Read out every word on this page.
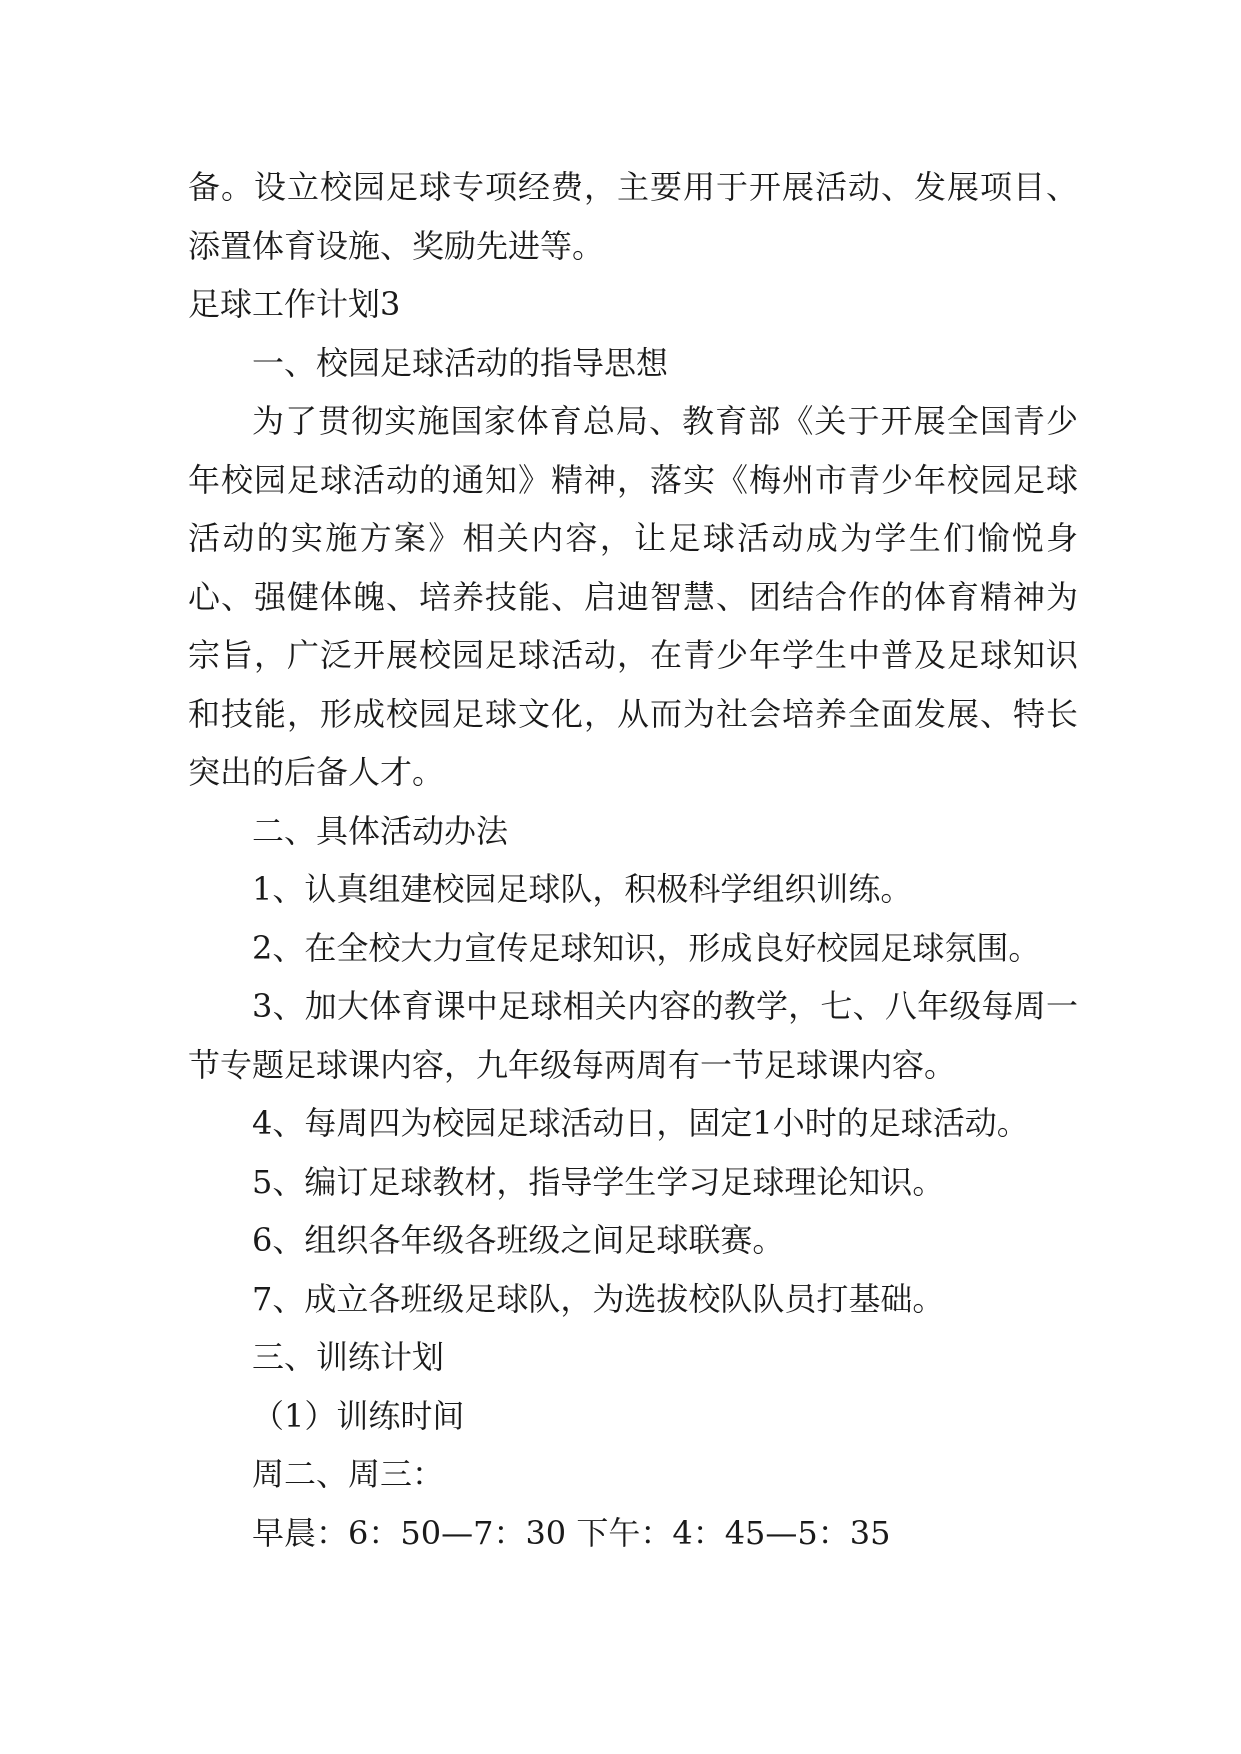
备。设立校园足球专项经费，主要用于开展活动、发展项目、添置体育设施、奖励先进等。

足球工作计划3

一、校园足球活动的指导思想

为了贯彻实施国家体育总局、教育部《关于开展全国青少年校园足球活动的通知》精神，落实《梅州市青少年校园足球活动的实施方案》相关内容，让足球活动成为学生们愉悦身心、强健体魄、培养技能、启迪智慧、团结合作的体育精神为宗旨，广泛开展校园足球活动，在青少年学生中普及足球知识和技能，形成校园足球文化，从而为社会培养全面发展、特长突出的后备人才。

二、具体活动办法

1、认真组建校园足球队，积极科学组织训练。

2、在全校大力宣传足球知识，形成良好校园足球氛围。

3、加大体育课中足球相关内容的教学，七、八年级每周一节专题足球课内容，九年级每两周有一节足球课内容。

4、每周四为校园足球活动日，固定1小时的足球活动。

5、编订足球教材，指导学生学习足球理论知识。

6、组织各年级各班级之间足球联赛。

7、成立各班级足球队，为选拔校队队员打基础。

三、训练计划

（1）训练时间

周二、周三：

早晨：6：50—7：30 下午：4：45—5：35
